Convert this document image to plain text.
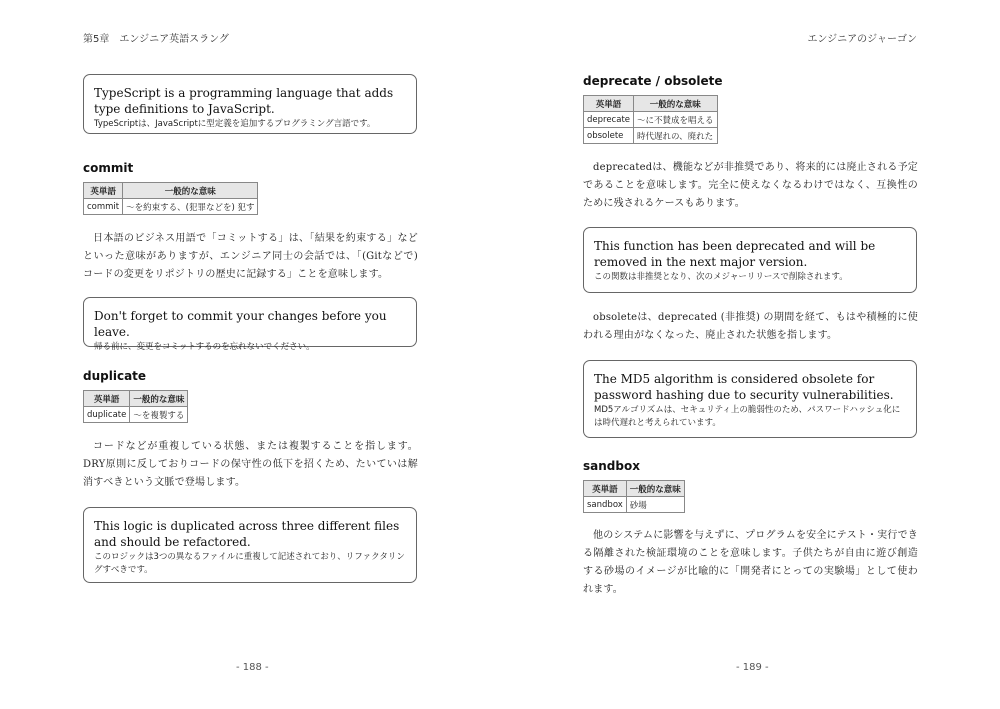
第5章　エンジニア英語スラング
TypeScript is a programming language that adds type definitions to JavaScript.
TypeScriptは、JavaScriptに型定義を追加するプログラミング言語です。
commit
英単語	一般的な意味
commit	〜を約束する、(犯罪などを) 犯す

日本語のビジネス用語で「コミットする」は、「結果を約束する」などといった意味がありますが、エンジニア同士の会話では、「(Gitなどで) コードの変更をリポジトリの歴史に記録する」ことを意味します。

Don't forget to commit your changes before you leave.
帰る前に、変更をコミットするのを忘れないでください。
duplicate
英単語	一般的な意味
duplicate	〜を複製する

コードなどが重複している状態、または複製することを指します。DRY原則に反しておりコードの保守性の低下を招くため、たいていは解消すべきという文脈で登場します。

This logic is duplicated across three different files and should be refactored.
このロジックは3つの異なるファイルに重複して記述されており、リファクタリングすべきです。
- 188 -
エンジニアのジャーゴン
deprecate / obsolete
英単語	一般的な意味
deprecate	〜に不賛成を唱える
obsolete	時代遅れの、廃れた

deprecatedは、機能などが非推奨であり、将来的には廃止される予定であることを意味します。完全に使えなくなるわけではなく、互換性のために残されるケースもあります。

This function has been deprecated and will be removed in the next major version.
この関数は非推奨となり、次のメジャーリリースで削除されます。

obsoleteは、deprecated (非推奨) の期間を経て、もはや積極的に使われる理由がなくなった、廃止された状態を指します。

The MD5 algorithm is considered obsolete for password hashing due to security vulnerabilities.
MD5アルゴリズムは、セキュリティ上の脆弱性のため、パスワードハッシュ化には時代遅れと考えられています。
sandbox
英単語	一般的な意味
sandbox	砂場

他のシステムに影響を与えずに、プログラムを安全にテスト・実行できる隔離された検証環境のことを意味します。子供たちが自由に遊び創造する砂場のイメージが比喩的に「開発者にとっての実験場」として使われます。

- 189 -
